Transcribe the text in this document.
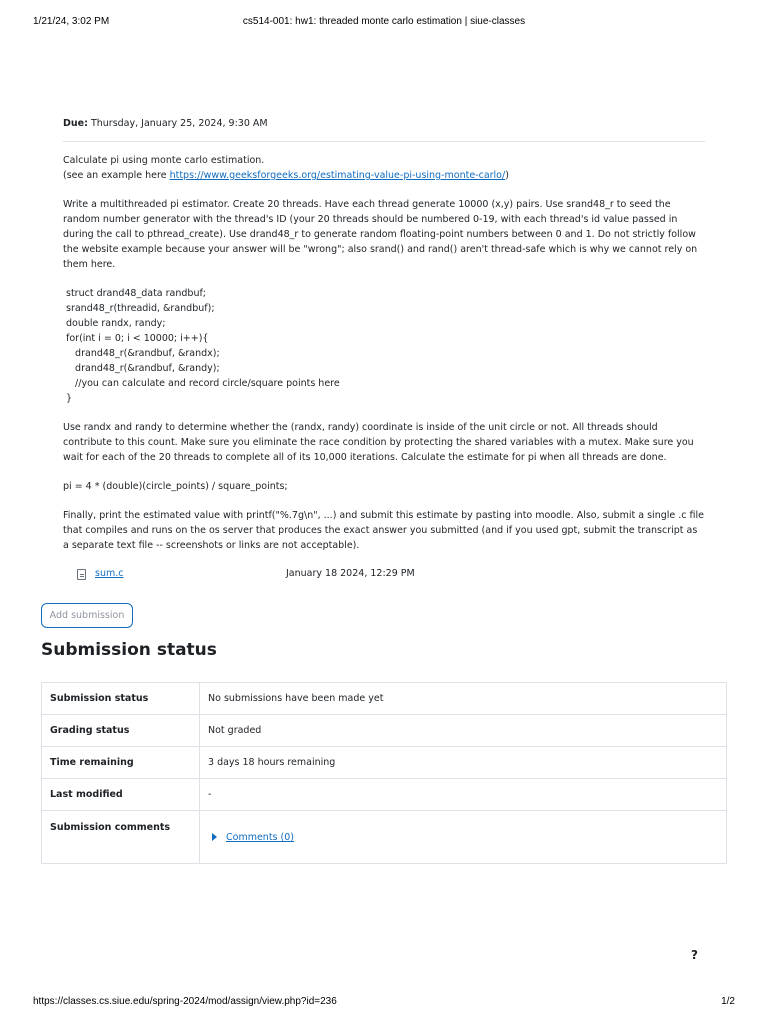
1/21/24, 3:02 PM	cs514-001: hw1: threaded monte carlo estimation | siue-classes
Due: Thursday, January 25, 2024, 9:30 AM

Calculate pi using monte carlo estimation.
(see an example here https://www.geeksforgeeks.org/estimating-value-pi-using-monte-carlo/)

Write a multithreaded pi estimator. Create 20 threads. Have each thread generate 10000 (x,y) pairs. Use srand48_r to seed the random number generator with the thread's ID (your 20 threads should be numbered 0-19, with each thread's id value passed in during the call to pthread_create). Use drand48_r to generate random floating-point numbers between 0 and 1. Do not strictly follow the website example because your answer will be "wrong"; also srand() and rand() aren't thread-safe which is why we cannot rely on them here.

struct drand48_data randbuf;
srand48_r(threadid, &randbuf);
double randx, randy;
for(int i = 0; i < 10000; i++){
drand48_r(&randbuf, &randx);
drand48_r(&randbuf, &randy);
//you can calculate and record circle/square points here
}

Use randx and randy to determine whether the (randx, randy) coordinate is inside of the unit circle or not. All threads should contribute to this count. Make sure you eliminate the race condition by protecting the shared variables with a mutex. Make sure you wait for each of the 20 threads to complete all of its 10,000 iterations. Calculate the estimate for pi when all threads are done.

pi = 4 * (double)(circle_points) / square_points;

Finally, print the estimated value with printf("%.7g\n", ...) and submit this estimate by pasting into moodle. Also, submit a single .c file that compiles and runs on the os server that produces the exact answer you submitted (and if you used gpt, submit the transcript as a separate text file -- screenshots or links are not acceptable).

sum.c	January 18 2024, 12:29 PM
Add submission
Submission status
Submission status	No submissions have been made yet
Grading status	Not graded
Time remaining	3 days 18 hours remaining
Last modified	-
Submission comments	Comments (0)
?
https://classes.cs.siue.edu/spring-2024/mod/assign/view.php?id=236	1/2
